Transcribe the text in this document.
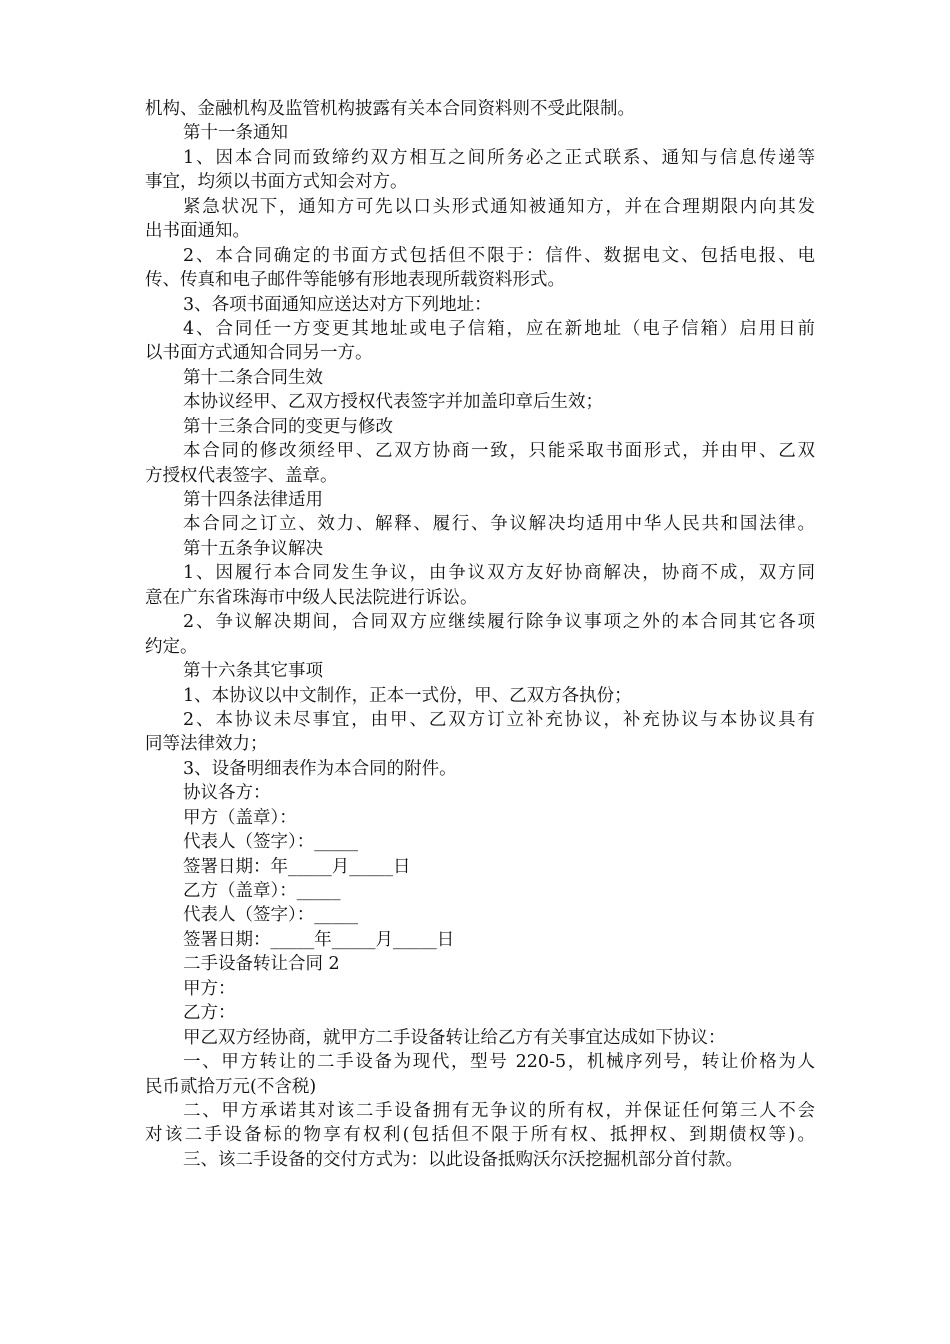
机构、金融机构及监管机构披露有关本合同资料则不受此限制。
第十一条通知
1、因本合同而致缔约双方相互之间所务必之正式联系、通知与信息传递等
事宜，均须以书面方式知会对方。
紧急状况下，通知方可先以口头形式通知被通知方，并在合理期限内向其发
出书面通知。
2、本合同确定的书面方式包括但不限于：信件、数据电文、包括电报、电
传、传真和电子邮件等能够有形地表现所载资料形式。
3、各项书面通知应送达对方下列地址：
4、合同任一方变更其地址或电子信箱，应在新地址（电子信箱）启用日前
以书面方式通知合同另一方。
第十二条合同生效
本协议经甲、乙双方授权代表签字并加盖印章后生效；
第十三条合同的变更与修改
本合同的修改须经甲、乙双方协商一致，只能采取书面形式，并由甲、乙双
方授权代表签字、盖章。
第十四条法律适用
本合同之订立、效力、解释、履行、争议解决均适用中华人民共和国法律。
第十五条争议解决
1、因履行本合同发生争议，由争议双方友好协商解决，协商不成，双方同
意在广东省珠海市中级人民法院进行诉讼。
2、争议解决期间，合同双方应继续履行除争议事项之外的本合同其它各项
约定。
第十六条其它事项
1、本协议以中文制作，正本一式份，甲、乙双方各执份；
2、本协议未尽事宜，由甲、乙双方订立补充协议，补充协议与本协议具有
同等法律效力；
3、设备明细表作为本合同的附件。
协议各方：
甲方（盖章）：
代表人（签字）：_____
签署日期：年_____月_____日
乙方（盖章）：_____
代表人（签字）：_____
签署日期：_____年_____月_____日
二手设备转让合同 2
甲方：
乙方：
甲乙双方经协商，就甲方二手设备转让给乙方有关事宜达成如下协议：
一、甲方转让的二手设备为现代，型号 220-5，机械序列号，转让价格为人
民币贰拾万元(不含税)
二、甲方承诺其对该二手设备拥有无争议的所有权，并保证任何第三人不会
对该二手设备标的物享有权利(包括但不限于所有权、抵押权、到期债权等)。
三、该二手设备的交付方式为：以此设备抵购沃尔沃挖掘机部分首付款。
